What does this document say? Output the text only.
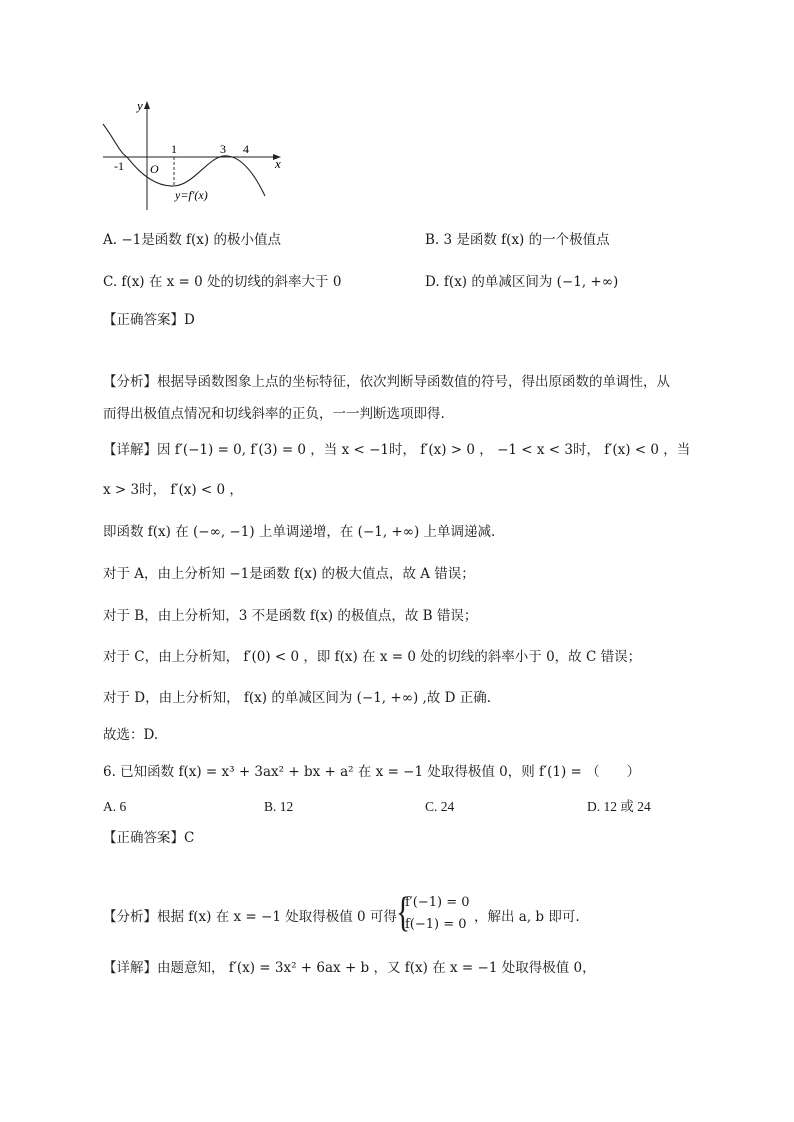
y
x
O
-1
1	3 4
y=f′(x)
A. −1是函数 f(x) 的极小值点	B. 3 是函数 f(x) 的一个极值点
C. f(x) 在 x = 0 处的切线的斜率大于 0	D. f(x) 的单减区间为 (−1, +∞)
【正确答案】D
【分析】根据导函数图象上点的坐标特征，依次判断导函数值的符号，得出原函数的单调性，从
而得出极值点情况和切线斜率的正负，一一判断选项即得.
【详解】因 f′(−1) = 0, f′(3) = 0 ，当 x < −1时， f′(x) > 0 ， −1 < x < 3时， f′(x) < 0 ，当
x > 3时， f′(x) < 0 ，
即函数 f(x) 在 (−∞, −1) 上单调递增，在 (−1, +∞) 上单调递减.
对于 A，由上分析知 −1是函数 f(x) 的极大值点，故 A 错误；
对于 B，由上分析知，3 不是函数 f(x) 的极值点，故 B 错误；
对于 C，由上分析知， f′(0) < 0 ，即 f(x) 在 x = 0 处的切线的斜率小于 0，故 C 错误；
对于 D，由上分析知， f(x) 的单减区间为 (−1, +∞) ,故 D 正确.
故选：D.
6. 已知函数 f(x) = x³ + 3ax² + bx + a² 在 x = −1 处取得极值 0，则 f′(1) = （　　）
A. 6	B. 12	C. 24	D. 12 或 24
【正确答案】C
【分析】根据 f(x) 在 x = −1 处取得极值 0 可得 {
f′(−1) = 0
f(−1) = 0 ，解出 a, b 即可.
【详解】由题意知， f′(x) = 3x² + 6ax + b ，又 f(x) 在 x = −1 处取得极值 0，
